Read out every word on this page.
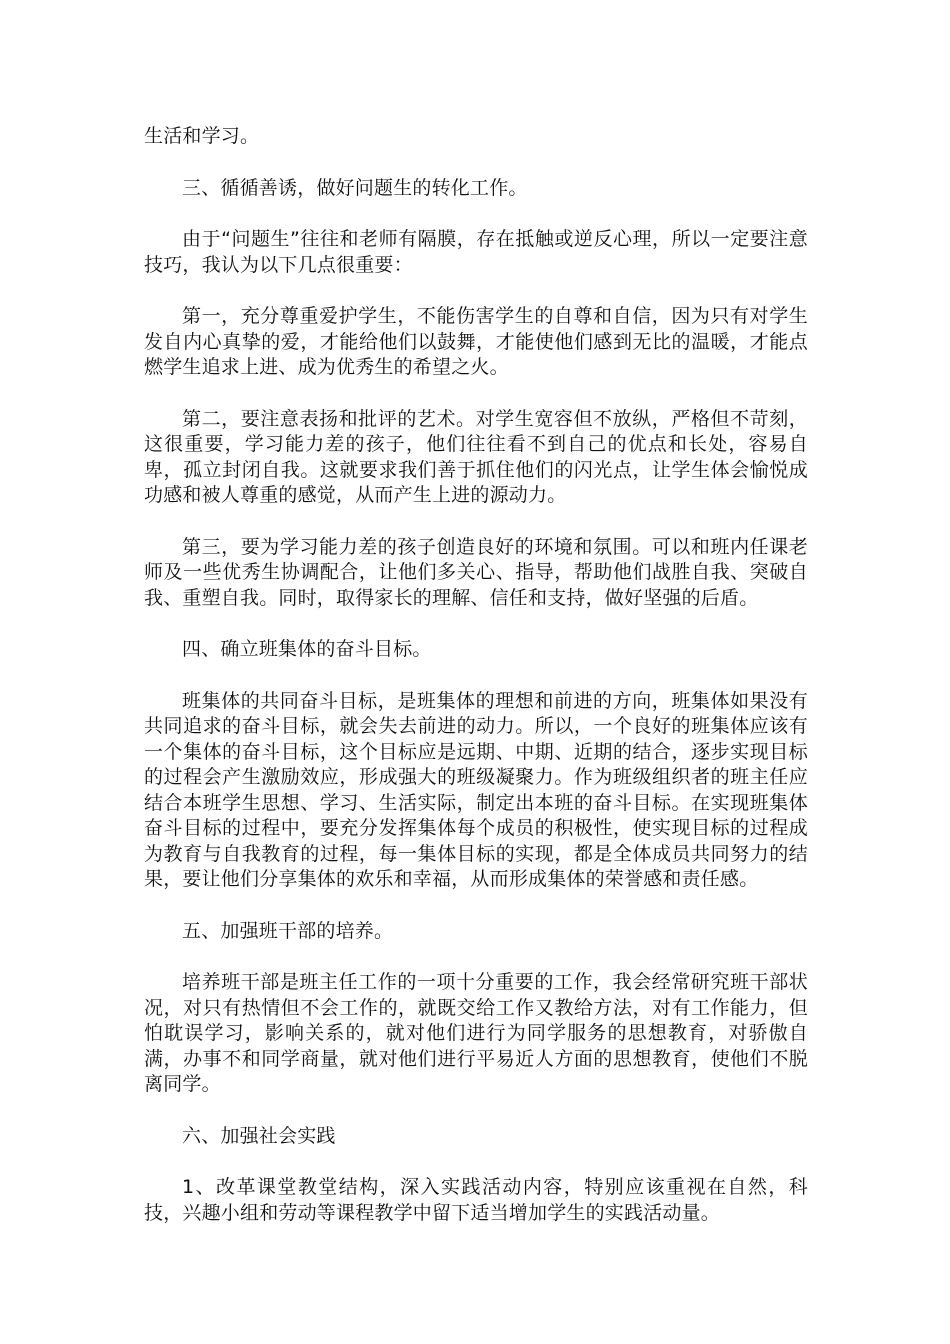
生活和学习。

三、循循善诱，做好问题生的转化工作。

由于“问题生”往往和老师有隔膜，存在抵触或逆反心理，所以一定要注意技巧，我认为以下几点很重要：

第一，充分尊重爱护学生，不能伤害学生的自尊和自信，因为只有对学生发自内心真挚的爱，才能给他们以鼓舞，才能使他们感到无比的温暖，才能点燃学生追求上进、成为优秀生的希望之火。

第二，要注意表扬和批评的艺术。对学生宽容但不放纵，严格但不苛刻，这很重要，学习能力差的孩子，他们往往看不到自己的优点和长处，容易自卑，孤立封闭自我。这就要求我们善于抓住他们的闪光点，让学生体会愉悦成功感和被人尊重的感觉，从而产生上进的源动力。

第三，要为学习能力差的孩子创造良好的环境和氛围。可以和班内任课老师及一些优秀生协调配合，让他们多关心、指导，帮助他们战胜自我、突破自我、重塑自我。同时，取得家长的理解、信任和支持，做好坚强的后盾。

四、确立班集体的奋斗目标。

班集体的共同奋斗目标，是班集体的理想和前进的方向，班集体如果没有共同追求的奋斗目标，就会失去前进的动力。所以，一个良好的班集体应该有一个集体的奋斗目标，这个目标应是远期、中期、近期的结合，逐步实现目标的过程会产生激励效应，形成强大的班级凝聚力。作为班级组织者的班主任应结合本班学生思想、学习、生活实际，制定出本班的奋斗目标。在实现班集体奋斗目标的过程中，要充分发挥集体每个成员的积极性，使实现目标的过程成为教育与自我教育的过程，每一集体目标的实现，都是全体成员共同努力的结果，要让他们分享集体的欢乐和幸福，从而形成集体的荣誉感和责任感。

五、加强班干部的培养。

培养班干部是班主任工作的一项十分重要的工作，我会经常研究班干部状况，对只有热情但不会工作的，就既交给工作又教给方法，对有工作能力，但怕耽误学习，影响关系的，就对他们进行为同学服务的思想教育，对骄傲自满，办事不和同学商量，就对他们进行平易近人方面的思想教育，使他们不脱离同学。

六、加强社会实践

1、改革课堂教堂结构，深入实践活动内容，特别应该重视在自然，科技，兴趣小组和劳动等课程教学中留下适当增加学生的实践活动量。
